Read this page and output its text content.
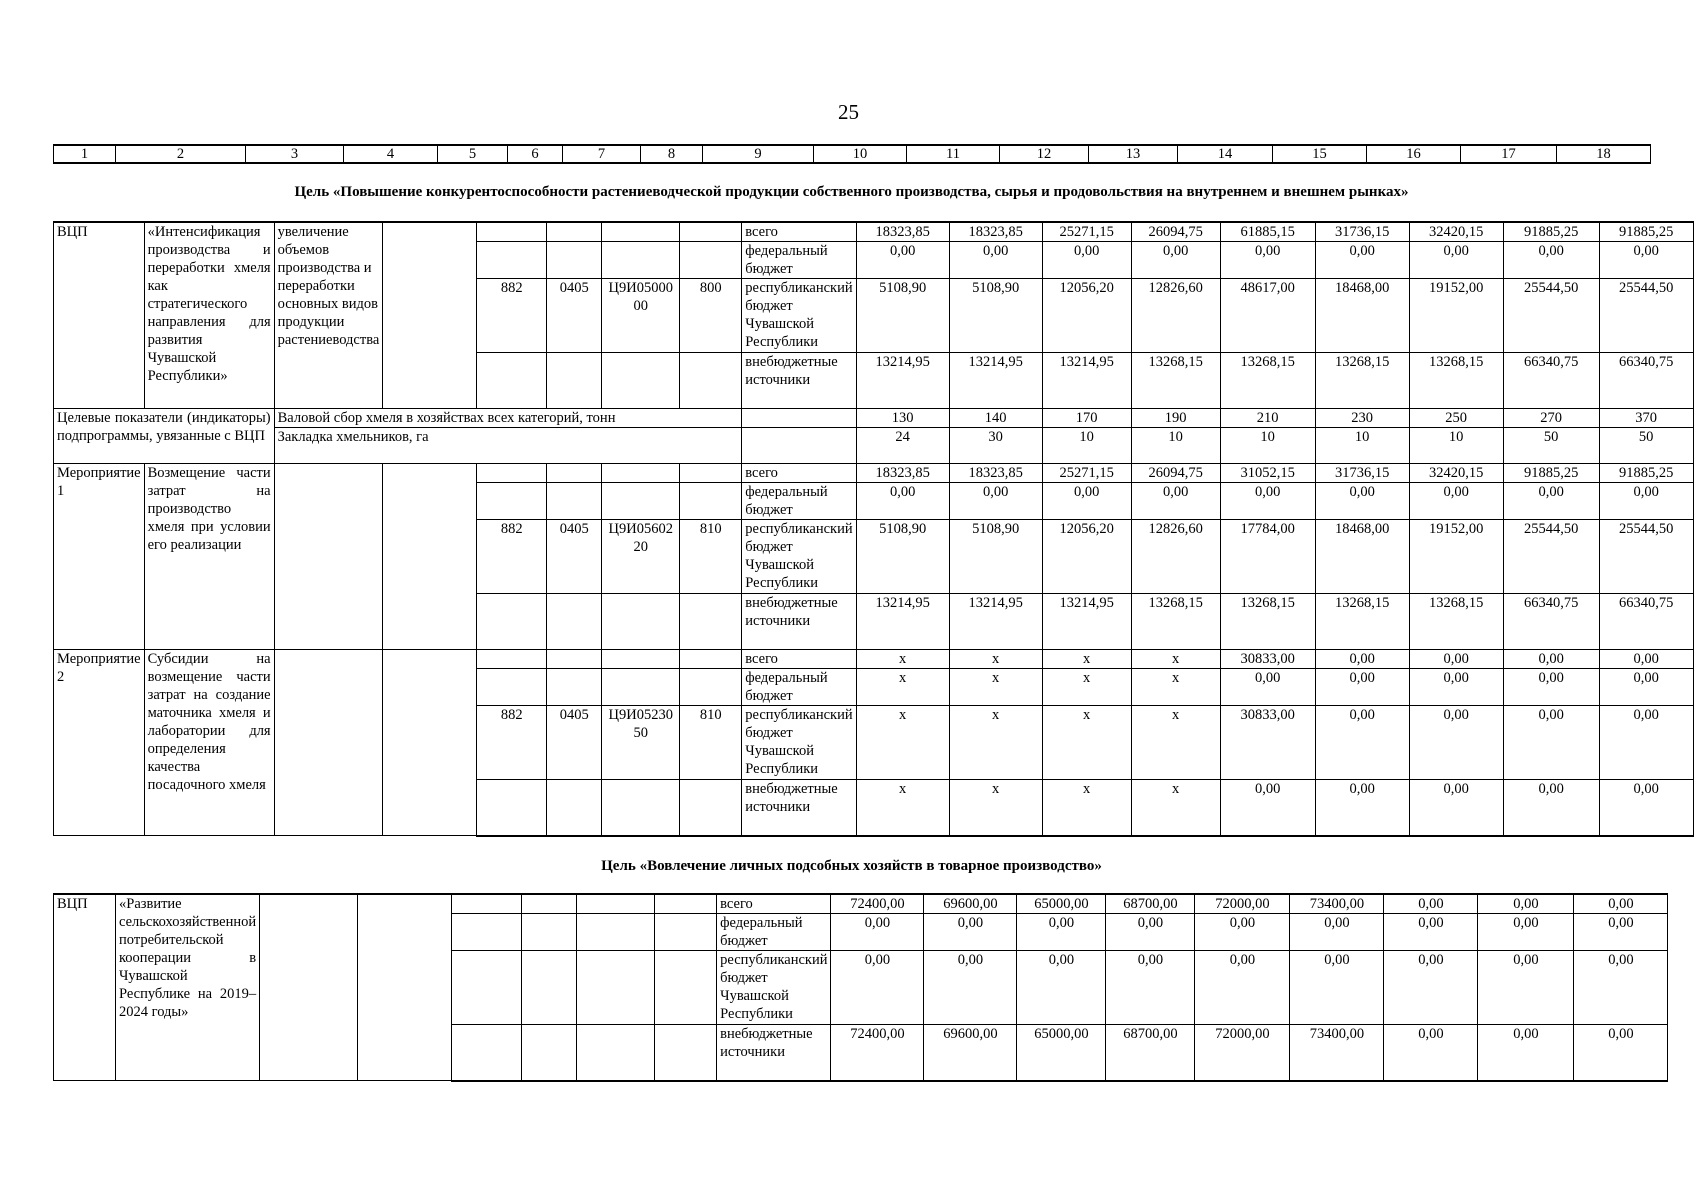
25
1	2	3	4	5	6	7	8	9	10	11	12	13	14	15	16	17	18
Цель «Повышение конкурентоспособности растениеводческой продукции собственного производства, сырья и продовольствия на внутреннем и внешнем рынках»
ВЦП	«Интенсификация производства и переработки хмеля как стратегического направления для развития Чувашской Республики»	увеличение объемов производства и переработки основных видов продукции растениеводства						всего	18323,85	18323,85	25271,15	26094,75	61885,15	31736,15	32420,15	91885,25	91885,25
								федеральный бюджет	0,00	0,00	0,00	0,00	0,00	0,00	0,00	0,00	0,00
				882	0405	Ц9И0500000	800	республиканский бюджет Чувашской Республики	5108,90	5108,90	12056,20	12826,60	48617,00	18468,00	19152,00	25544,50	25544,50
								внебюджетные источники	13214,95	13214,95	13214,95	13268,15	13268,15	13268,15	13268,15	66340,75	66340,75
Целевые показатели (индикаторы) подпрограммы, увязанные с ВЦП		Валовой сбор хмеля в хозяйствах всех категорий, тонн							130	140	170	190	210	230	250	270	370
		Закладка хмельников, га							24	30	10	10	10	10	10	50	50
Мероприятие 1	Возмещение части затрат на производство хмеля при условии его реализации							всего	18323,85	18323,85	25271,15	26094,75	31052,15	31736,15	32420,15	91885,25	91885,25
								федеральный бюджет	0,00	0,00	0,00	0,00	0,00	0,00	0,00	0,00	0,00
				882	0405	Ц9И0560220	810	республиканский бюджет Чувашской Республики	5108,90	5108,90	12056,20	12826,60	17784,00	18468,00	19152,00	25544,50	25544,50
								внебюджетные источники	13214,95	13214,95	13214,95	13268,15	13268,15	13268,15	13268,15	66340,75	66340,75
Мероприятие 2	Субсидии на возмещение части затрат на создание маточника хмеля и лаборатории для определения качества посадочного хмеля							всего	х	х	х	х	30833,00	0,00	0,00	0,00	0,00
								федеральный бюджет	х	х	х	х	0,00	0,00	0,00	0,00	0,00
				882	0405	Ц9И0523050	810	республиканский бюджет Чувашской Республики	х	х	х	х	30833,00	0,00	0,00	0,00	0,00
								внебюджетные источники	х	х	х	х	0,00	0,00	0,00	0,00	0,00
Цель «Вовлечение личных подсобных хозяйств в товарное производство»
ВЦП	«Развитие сельскохозяйственной потребительской кооперации в Чувашской Республике на 2019–2024 годы»							всего	72400,00	69600,00	65000,00	68700,00	72000,00	73400,00	0,00	0,00	0,00
								федеральный бюджет	0,00	0,00	0,00	0,00	0,00	0,00	0,00	0,00	0,00
								республиканский бюджет Чувашской Республики	0,00	0,00	0,00	0,00	0,00	0,00	0,00	0,00	0,00
								внебюджетные источники	72400,00	69600,00	65000,00	68700,00	72000,00	73400,00	0,00	0,00	0,00
